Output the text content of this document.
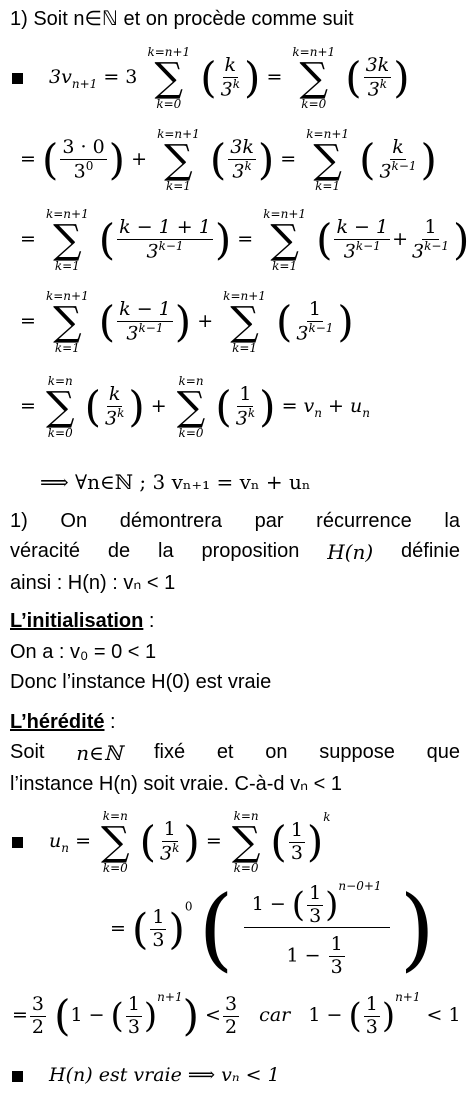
1) Soit n∈ℕ et on procède comme suit
$3v_{n+1} = 3$
k=n+1
∑
k=0
( $\frac{k}{3^k}$ ) =
k=n+1
∑
k=0
( $\frac{3k}{3^k}$ )
= ( $\frac{3 \cdot 0}{3^0}$ ) +
k=n+1
∑
k=1
( $\frac{3k}{3^k}$ ) =
k=n+1
∑
k=1
( $\frac{k}{3^{k-1}}$ )
=
k=n+1
∑
k=1
( $\frac{k - 1 + 1}{3^{k-1}}$ ) =
k=n+1
∑
k=1
( $\frac{k - 1}{3^{k-1}} + \frac{1}{3^{k-1}}$ )
=
k=n+1
∑
k=1
( $\frac{k - 1}{3^{k-1}}$ ) +
k=n+1
∑
k=1
( $\frac{1}{3^{k-1}}$ )
=
k=n
∑
k=0
( $\frac{k}{3^k}$ ) +
k=n
∑
k=0
( $\frac{1}{3^k}$ ) = $v_n + u_n$
⟹ ∀n∈ℕ ; 3 vₙ₊₁ = vₙ + uₙ
1) On démontrera par récurrence la
véracité de la proposition H(n) définie
ainsi : H(n) : vₙ < 1
L’initialisation :
On a : v₀ = 0 < 1
Donc l’instance H(0) est vraie
L’hérédité :
Soit n∈ℕ fixé et on suppose que
l’instance H(n) soit vraie. C-à-d vₙ < 1
$u_n$ =
k=n
∑
k=0
( $\frac{1}{3^k}$ ) =
k=n
∑
k=0
( $\frac{1}{3} )^k$
= ( $\frac{1}{3} )^0$ ( $\frac{1 - ( \frac{1}{3} )^{n-0+1}}{1 - \frac{1}{3}}$ )
= $\frac{3}{2} (1$ − ( $\frac{1}{3} )^{n+1}) < \frac{3}{2}$ car   1 − ( $\frac{1}{3} )^{n+1} < 1$
H(n) est vraie ⟹ vₙ < 1
